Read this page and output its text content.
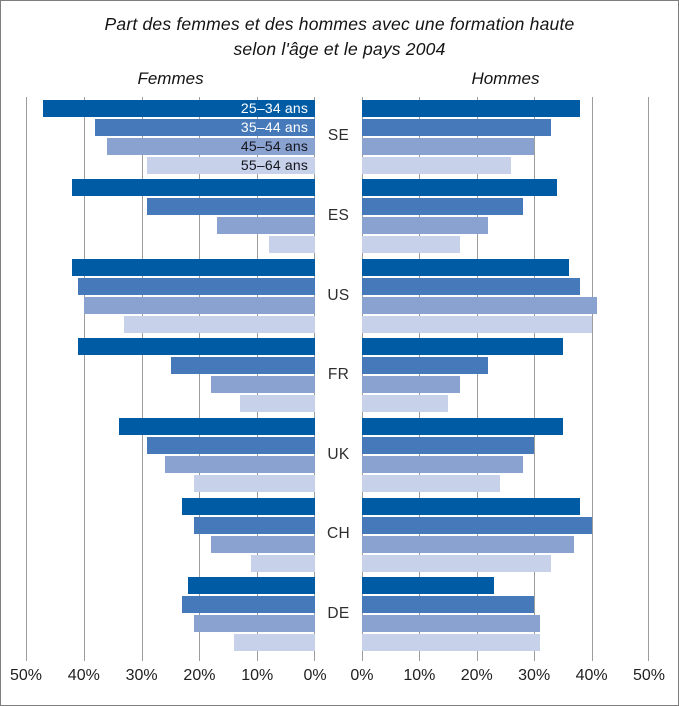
Part des femmes et des hommes avec une formation haute
selon l'âge et le pays 2004
Femmes	Hommes
25–34 ans
35–44 ans
45–54 ans
55–64 ans
SE
ES
US
FR
UK
CH
DE
50% 40% 30% 20% 10% 0% 0% 10% 20% 30% 40% 50%
